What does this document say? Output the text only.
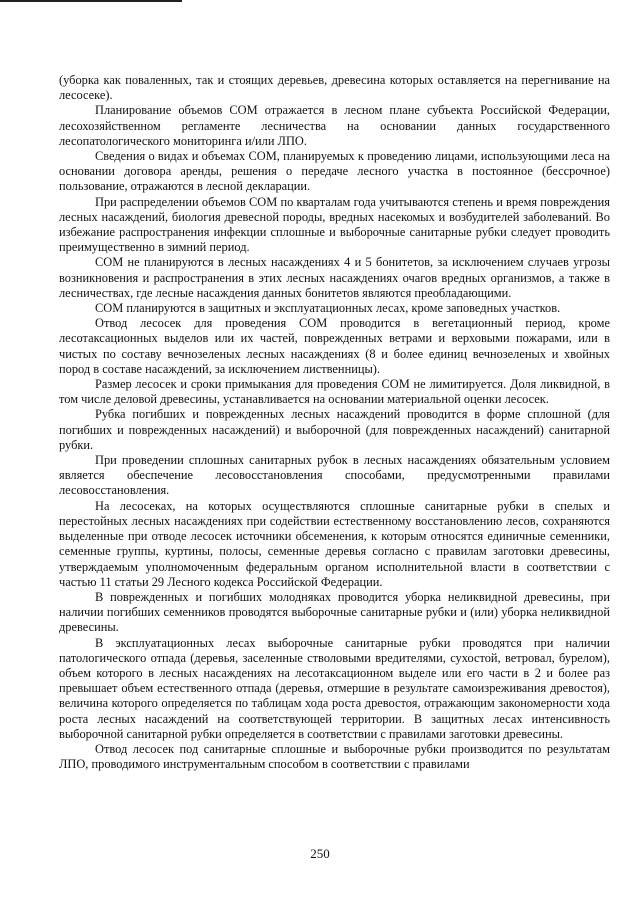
(уборка как поваленных, так и стоящих деревьев, древесина которых оставляется на перегнивание на лесосеке).

Планирование объемов СОМ отражается в лесном плане субъекта Российской Федерации, лесохозяйственном регламенте лесничества на основании данных государственного лесопатологического мониторинга и/или ЛПО.

Сведения о видах и объемах СОМ, планируемых к проведению лицами, использующими леса на основании договора аренды, решения о передаче лесного участка в постоянное (бессрочное) пользование, отражаются в лесной декларации.

При распределении объемов СОМ по кварталам года учитываются степень и время повреждения лесных насаждений, биология древесной породы, вредных насекомых и возбудителей заболеваний. Во избежание распространения инфекции сплошные и выборочные санитарные рубки следует проводить преимущественно в зимний период.

СОМ не планируются в лесных насаждениях 4 и 5 бонитетов, за исключением случаев угрозы возникновения и распространения в этих лесных насаждениях очагов вредных организмов, а также в лесничествах, где лесные насаждения данных бонитетов являются преобладающими.

СОМ планируются в защитных и эксплуатационных лесах, кроме заповедных участков.

Отвод лесосек для проведения СОМ проводится в вегетационный период, кроме лесотаксационных выделов или их частей, поврежденных ветрами и верховыми пожарами, или в чистых по составу вечнозеленых лесных насаждениях (8 и более единиц вечнозеленых и хвойных пород в составе насаждений, за исключением лиственницы).

Размер лесосек и сроки примыкания для проведения СОМ не лимитируется. Доля ликвидной, в том числе деловой древесины, устанавливается на основании материальной оценки лесосек.

Рубка погибших и поврежденных лесных насаждений проводится в форме сплошной (для погибших и поврежденных насаждений) и выборочной (для поврежденных насаждений) санитарной рубки.

При проведении сплошных санитарных рубок в лесных насаждениях обязательным условием является обеспечение лесовосстановления способами, предусмотренными правилами лесовосстановления.

На лесосеках, на которых осуществляются сплошные санитарные рубки в спелых и перестойных лесных насаждениях при содействии естественному восстановлению лесов, сохраняются выделенные при отводе лесосек источники обсеменения, к которым относятся единичные семенники, семенные группы, куртины, полосы, семенные деревья согласно с правилам заготовки древесины, утверждаемым уполномоченным федеральным органом исполнительной власти в соответствии с частью 11 статьи 29 Лесного кодекса Российской Федерации.

В поврежденных и погибших молодняках проводится уборка неликвидной древесины, при наличии погибших семенников проводятся выборочные санитарные рубки и (или) уборка неликвидной древесины.

В эксплуатационных лесах выборочные санитарные рубки проводятся при наличии патологического отпада (деревья, заселенные стволовыми вредителями, сухостой, ветровал, бурелом), объем которого в лесных насаждениях на лесотаксационном выделе или его части в 2 и более раз превышает объем естественного отпада (деревья, отмершие в результате самоизреживания древостоя), величина которого определяется по таблицам хода роста древостоя, отражающим закономерности хода роста лесных насаждений на соответствующей территории. В защитных лесах интенсивность выборочной санитарной рубки определяется в соответствии с правилами заготовки древесины.

Отвод лесосек под санитарные сплошные и выборочные рубки производится по результатам ЛПО, проводимого инструментальным способом в соответствии с правилами

250
